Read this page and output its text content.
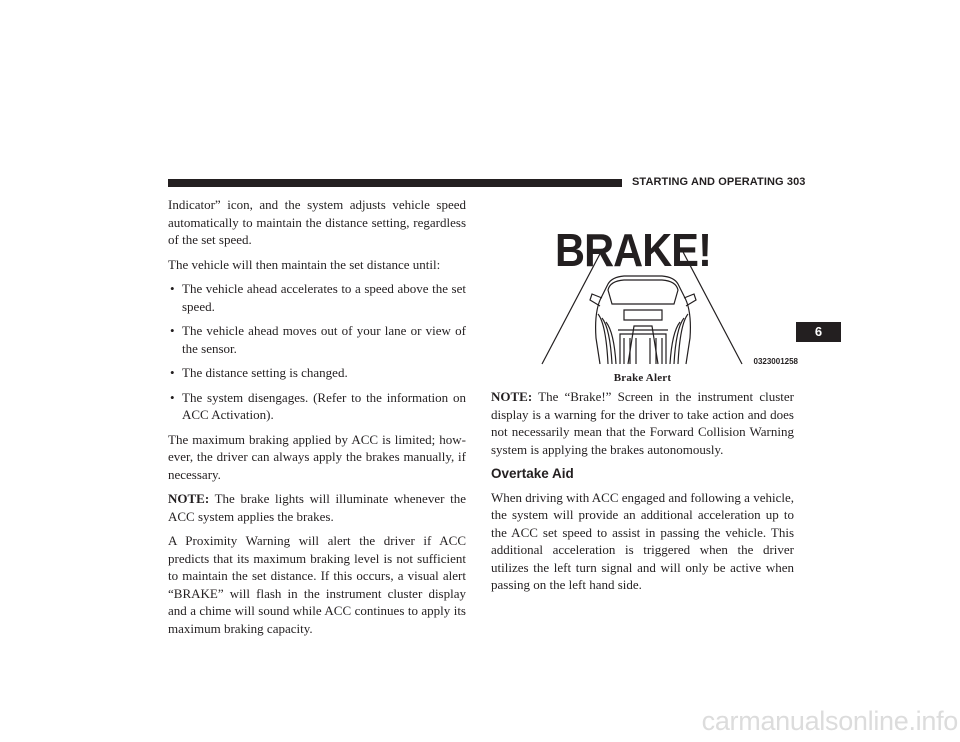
STARTING AND OPERATING 303
6

Indicator” icon, and the system adjusts vehicle speed automatically to maintain the distance setting, regardless of the set speed.

The vehicle will then maintain the set distance until:

• The vehicle ahead accelerates to a speed above the set speed.
• The vehicle ahead moves out of your lane or view of the sensor.
• The distance setting is changed.
• The system disengages. (Refer to the information on ACC Activation).

The maximum braking applied by ACC is limited; how-ever, the driver can always apply the brakes manually, if necessary.

NOTE: The brake lights will illuminate whenever the ACC system applies the brakes.

A Proximity Warning will alert the driver if ACC predicts that its maximum braking level is not sufficient to maintain the set distance. If this occurs, a visual alert “BRAKE” will flash in the instrument cluster display and a chime will sound while ACC continues to apply its maximum braking capacity.

BRAKE!
0323001258
Brake Alert

NOTE: The “Brake!” Screen in the instrument cluster display is a warning for the driver to take action and does not necessarily mean that the Forward Collision Warning system is applying the brakes autonomously.

Overtake Aid

When driving with ACC engaged and following a vehicle, the system will provide an additional acceleration up to the ACC set speed to assist in passing the vehicle. This additional acceleration is triggered when the driver utilizes the left turn signal and will only be active when passing on the left hand side.

carmanualsonline.info
